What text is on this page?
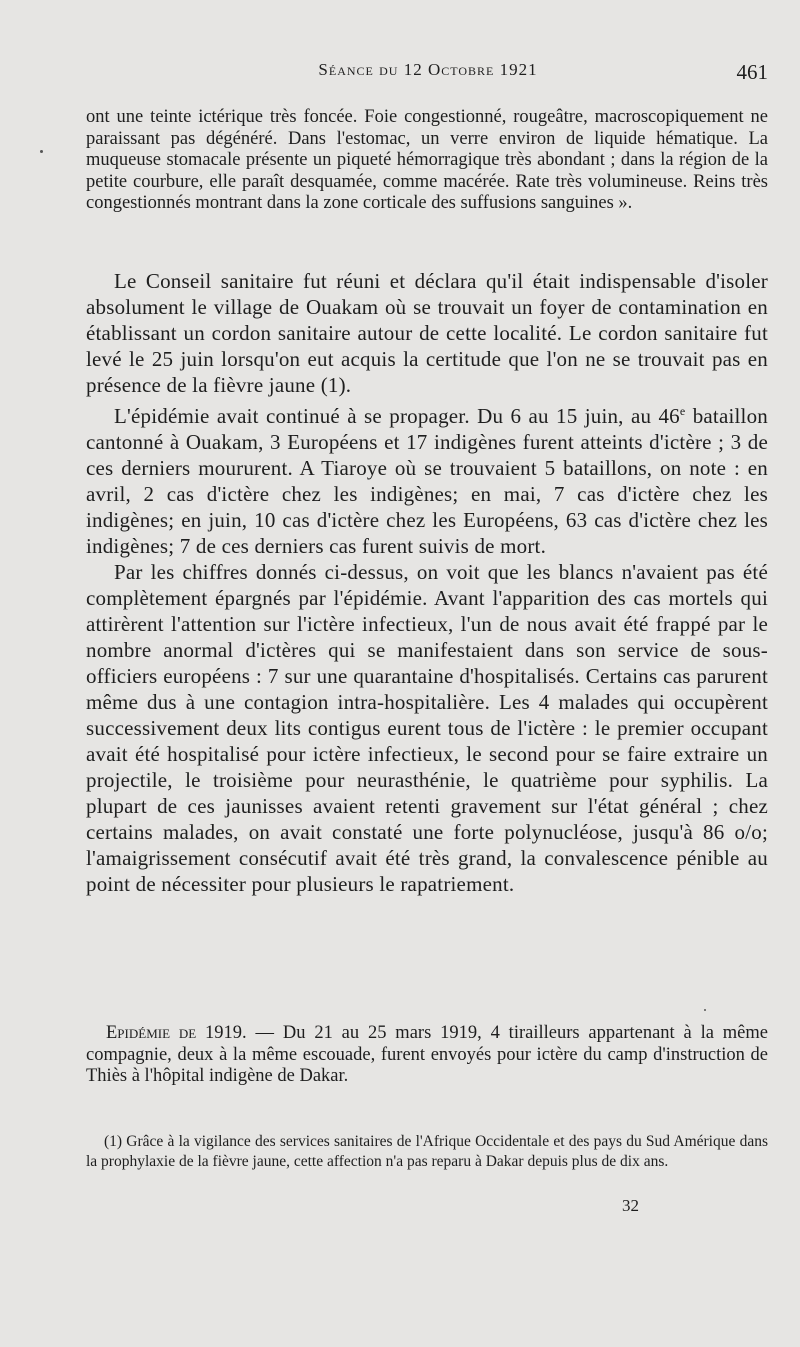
Séance du 12 Octobre 1921	461

ont une teinte ictérique très foncée. Foie congestionné, rougeâtre, macroscopiquement ne paraissant pas dégénéré. Dans l'estomac, un verre environ de liquide hématique. La muqueuse stomacale présente un piqueté hémorragique très abondant ; dans la région de la petite courbure, elle paraît desquamée, comme macérée. Rate très volumineuse. Reins très congestionnés montrant dans la zone corticale des suffusions sanguines ».

Le Conseil sanitaire fut réuni et déclara qu'il était indispensable d'isoler absolument le village de Ouakam où se trouvait un foyer de contamination en établissant un cordon sanitaire autour de cette localité. Le cordon sanitaire fut levé le 25 juin lorsqu'on eut acquis la certitude que l'on ne se trouvait pas en présence de la fièvre jaune (1).

L'épidémie avait continué à se propager. Du 6 au 15 juin, au 46e bataillon cantonné à Ouakam, 3 Européens et 17 indigènes furent atteints d'ictère ; 3 de ces derniers moururent. A Tiaroye où se trouvaient 5 bataillons, on note : en avril, 2 cas d'ictère chez les indigènes; en mai, 7 cas d'ictère chez les indigènes; en juin, 10 cas d'ictère chez les Européens, 63 cas d'ictère chez les indigènes; 7 de ces derniers cas furent suivis de mort.

Par les chiffres donnés ci-dessus, on voit que les blancs n'avaient pas été complètement épargnés par l'épidémie. Avant l'apparition des cas mortels qui attirèrent l'attention sur l'ictère infectieux, l'un de nous avait été frappé par le nombre anormal d'ictères qui se manifestaient dans son service de sous-officiers européens : 7 sur une quarantaine d'hospitalisés. Certains cas parurent même dus à une contagion intra-hospitalière. Les 4 malades qui occupèrent successivement deux lits contigus eurent tous de l'ictère : le premier occupant avait été hospitalisé pour ictère infectieux, le second pour se faire extraire un projectile, le troisième pour neurasthénie, le quatrième pour syphilis. La plupart de ces jaunisses avaient retenti gravement sur l'état général ; chez certains malades, on avait constaté une forte polynucléose, jusqu'à 86 o/o; l'amaigrissement consécutif avait été très grand, la convalescence pénible au point de nécessiter pour plusieurs le rapatriement.

Epidémie de 1919. — Du 21 au 25 mars 1919, 4 tirailleurs appartenant à la même compagnie, deux à la même escouade, furent envoyés pour ictère du camp d'instruction de Thiès à l'hôpital indigène de Dakar.

(1) Grâce à la vigilance des services sanitaires de l'Afrique Occidentale et des pays du Sud Amérique dans la prophylaxie de la fièvre jaune, cette affection n'a pas reparu à Dakar depuis plus de dix ans.

32
